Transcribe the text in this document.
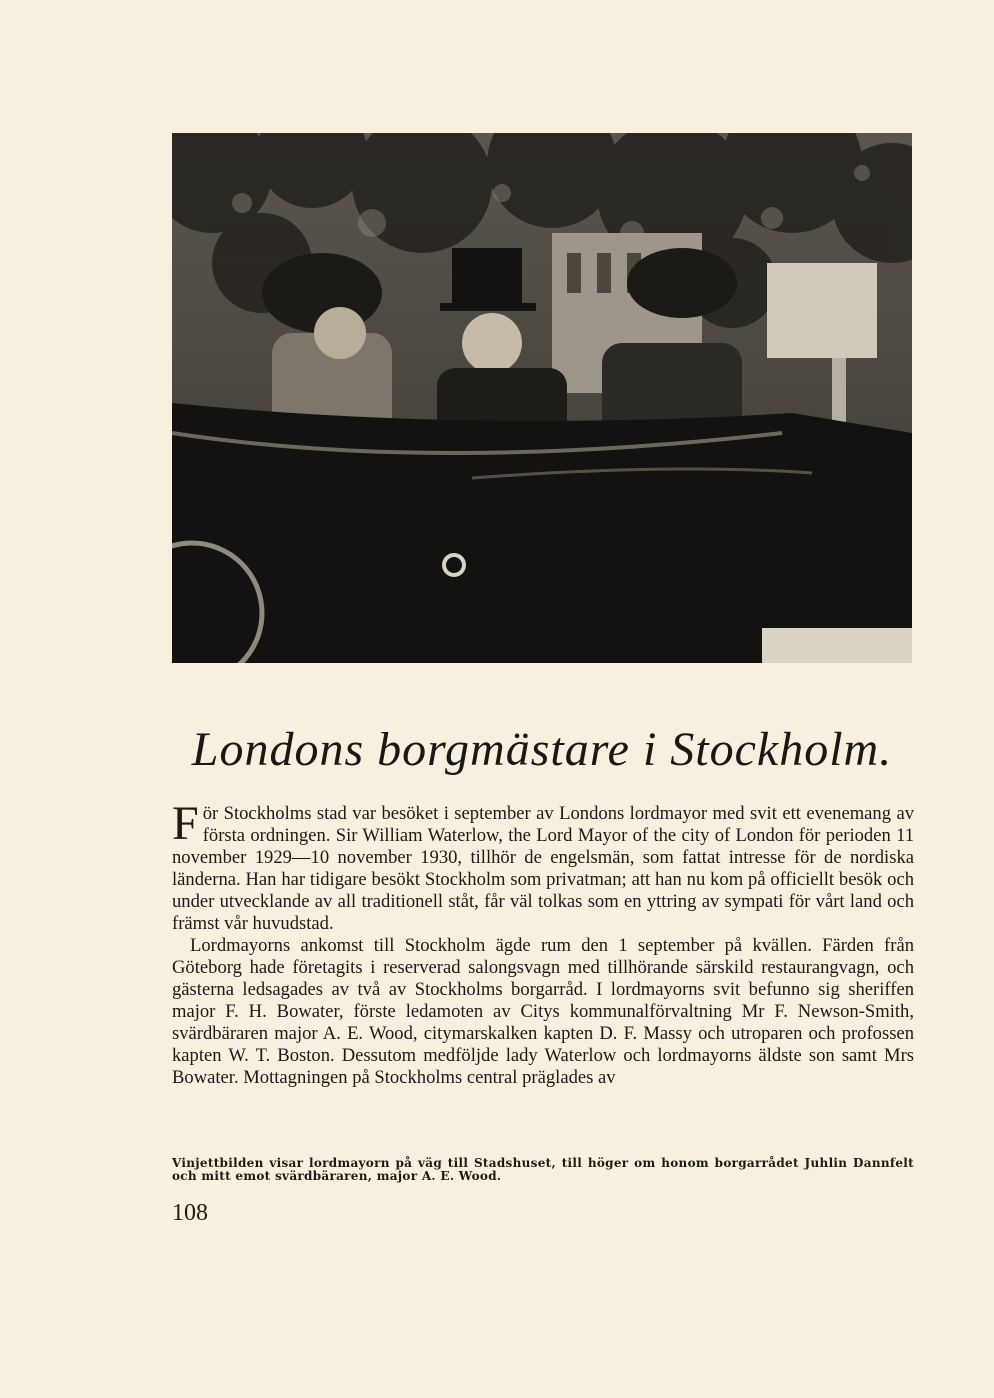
Londons borgmästare i Stockholm.

För Stockholms stad var besöket i september av Londons lordmayor med svit ett evenemang av första ordningen. Sir William Waterlow, the Lord Mayor of the city of London för perioden 11 november 1929—10 november 1930, tillhör de engelsmän, som fattat intresse för de nordiska länderna. Han har tidigare besökt Stockholm som privatman; att han nu kom på officiellt besök och under utvecklande av all traditionell ståt, får väl tolkas som en yttring av sympati för vårt land och främst vår huvudstad.

Lordmayorns ankomst till Stockholm ägde rum den 1 september på kvällen. Färden från Göteborg hade företagits i reserverad salongsvagn med tillhörande särskild restaurangvagn, och gästerna ledsagades av två av Stockholms borgarråd. I lordmayorns svit befunno sig sheriffen major F. H. Bowater, förste ledamoten av Citys kommunalförvaltning Mr F. Newson-Smith, svärdbäraren major A. E. Wood, citymarskalken kapten D. F. Massy och utroparen och profossen kapten W. T. Boston. Dessutom medföljde lady Waterlow och lordmayorns äldste son samt Mrs Bowater. Mottagningen på Stockholms central präglades av

Vinjettbilden visar lordmayorn på väg till Stadshuset, till höger om honom borgarrådet Juhlin Dannfelt och mitt emot svärdbäraren, major A. E. Wood.

108
